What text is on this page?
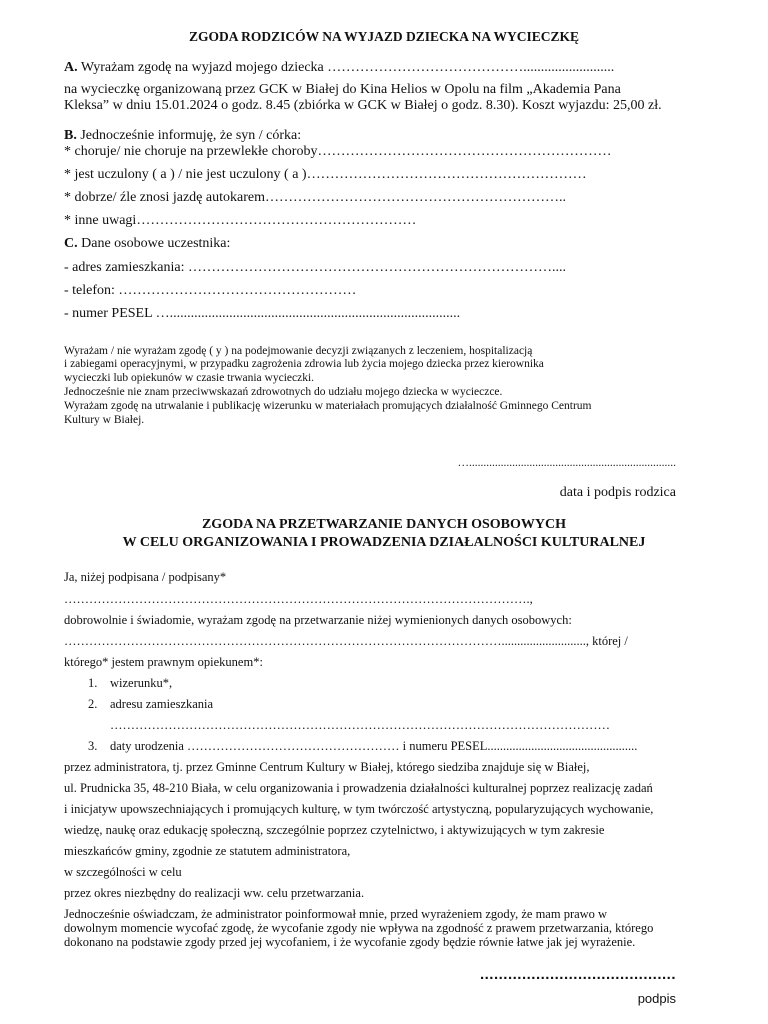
ZGODA RODZICÓW NA WYJAZD DZIECKA NA WYCIECZKĘ
A. Wyrażam zgodę na wyjazd mojego dziecka ……………………………………..........................
na wycieczkę organizowaną przez GCK w Białej do Kina Helios w Opolu na film „Akademia Pana
Kleksa” w dniu 15.01.2024 o godz. 8.45 (zbiórka w GCK w Białej o godz. 8.30). Koszt wyjazdu: 25,00 zł.
B. Jednocześnie informuję, że syn / córka:
* choruje/ nie choruje na przewlekłe choroby………………………………………………………
* jest uczulony ( a ) / nie jest uczulony ( a )……………………………………………………
* dobrze/ źle znosi jazdę autokarem………………………………………………………..
* inne uwagi……………………………………………………
C. Dane osobowe uczestnika:
- adres zamieszkania: ……………………………………………………………………....
- telefon: ……………………………………………
- numer PESEL …...................................................................................
Wyrażam / nie wyrażam zgodę ( y ) na podejmowanie decyzji związanych z leczeniem, hospitalizacją
i zabiegami operacyjnymi, w przypadku zagrożenia zdrowia lub życia mojego dziecka przez kierownika
wycieczki lub opiekunów w czasie trwania wycieczki.
Jednocześnie nie znam przeciwwskazań zdrowotnych do udziału mojego dziecka w wycieczce.
Wyrażam zgodę na utrwalanie i publikację wizerunku w materiałach promujących działalność Gminnego Centrum
Kultury w Białej.
…........................................................................
data i podpis rodzica
ZGODA NA PRZETWARZANIE DANYCH OSOBOWYCH
W CELU ORGANIZOWANIA I PROWADZENIA DZIAŁALNOŚCI KULTURALNEJ
Ja, niżej podpisana / podpisany*
………………………………………………………………………………………………….,
dobrowolnie i świadomie, wyrażam zgodę na przetwarzanie niżej wymienionych danych osobowych:
……………………………………………………………………………………………..........................., której /
którego* jestem prawnym opiekunem*:
1. wizerunku*,
2. adresu zamieszkania
…………………………………………………………………………………………………………
3. daty urodzenia …………………………………………… i numeru PESEL................................................
przez administratora, tj. przez Gminne Centrum Kultury w Białej, którego siedziba znajduje się w Białej,
ul. Prudnicka 35, 48-210 Biała, w celu organizowania i prowadzenia działalności kulturalnej poprzez realizację zadań
i inicjatyw upowszechniających i promujących kulturę, w tym twórczość artystyczną, popularyzujących wychowanie,
wiedzę, naukę oraz edukację społeczną, szczególnie poprzez czytelnictwo, i aktywizujących w tym zakresie
mieszkańców gminy, zgodnie ze statutem administratora,
w szczególności w celu
przez okres niezbędny do realizacji ww. celu przetwarzania.
Jednocześnie oświadczam, że administrator poinformował mnie, przed wyrażeniem zgody, że mam prawo w
dowolnym momencie wycofać zgodę, że wycofanie zgody nie wpływa na zgodność z prawem przetwarzania, którego
dokonano na podstawie zgody przed jej wycofaniem, i że wycofanie zgody będzie równie łatwe jak jej wyrażenie.
..........................................
podpis
